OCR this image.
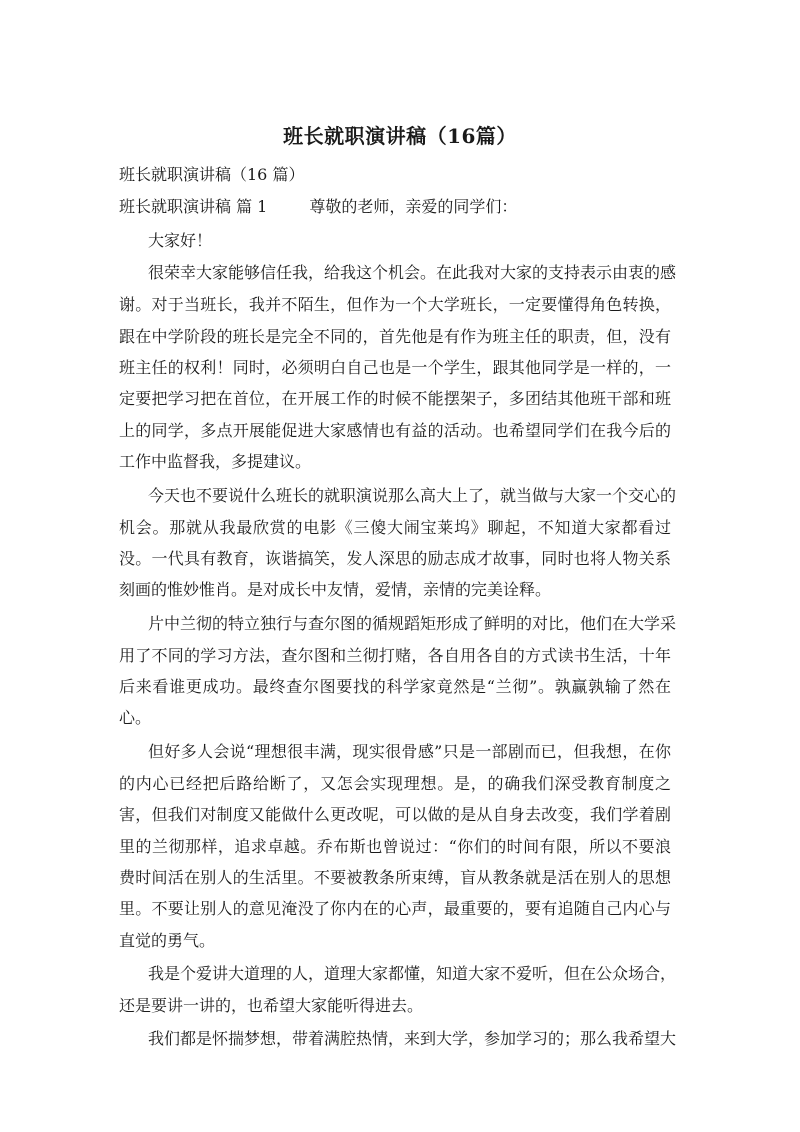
班长就职演讲稿（16篇）
班长就职演讲稿（16 篇）
班长就职演讲稿 篇 1	尊敬的老师，亲爱的同学们：
大家好！
很荣幸大家能够信任我，给我这个机会。在此我对大家的支持表示由衷的感
谢。对于当班长，我并不陌生，但作为一个大学班长，一定要懂得角色转换，
跟在中学阶段的班长是完全不同的，首先他是有作为班主任的职责，但，没有
班主任的权利！同时，必须明白自己也是一个学生，跟其他同学是一样的，一
定要把学习把在首位，在开展工作的时候不能摆架子，多团结其他班干部和班
上的同学，多点开展能促进大家感情也有益的活动。也希望同学们在我今后的
工作中监督我，多提建议。
今天也不要说什么班长的就职演说那么高大上了，就当做与大家一个交心的
机会。那就从我最欣赏的电影《三傻大闹宝莱坞》聊起，不知道大家都看过
没。一代具有教育，诙谐搞笑，发人深思的励志成才故事，同时也将人物关系
刻画的惟妙惟肖。是对成长中友情，爱情，亲情的完美诠释。
片中兰彻的特立独行与查尔图的循规蹈矩形成了鲜明的对比，他们在大学采
用了不同的学习方法，查尔图和兰彻打赌，各自用各自的方式读书生活，十年
后来看谁更成功。最终查尔图要找的科学家竟然是“兰彻”。孰赢孰输了然在
心。
但好多人会说“理想很丰满，现实很骨感”只是一部剧而已，但我想，在你
的内心已经把后路给断了，又怎会实现理想。是，的确我们深受教育制度之
害，但我们对制度又能做什么更改呢，可以做的是从自身去改变，我们学着剧
里的兰彻那样，追求卓越。乔布斯也曾说过：“你们的时间有限，所以不要浪
费时间活在别人的生活里。不要被教条所束缚，盲从教条就是活在别人的思想
里。不要让别人的意见淹没了你内在的心声，最重要的，要有追随自己内心与
直觉的勇气。
我是个爱讲大道理的人，道理大家都懂，知道大家不爱听，但在公众场合，
还是要讲一讲的，也希望大家能听得进去。
我们都是怀揣梦想，带着满腔热情，来到大学，参加学习的；那么我希望大
